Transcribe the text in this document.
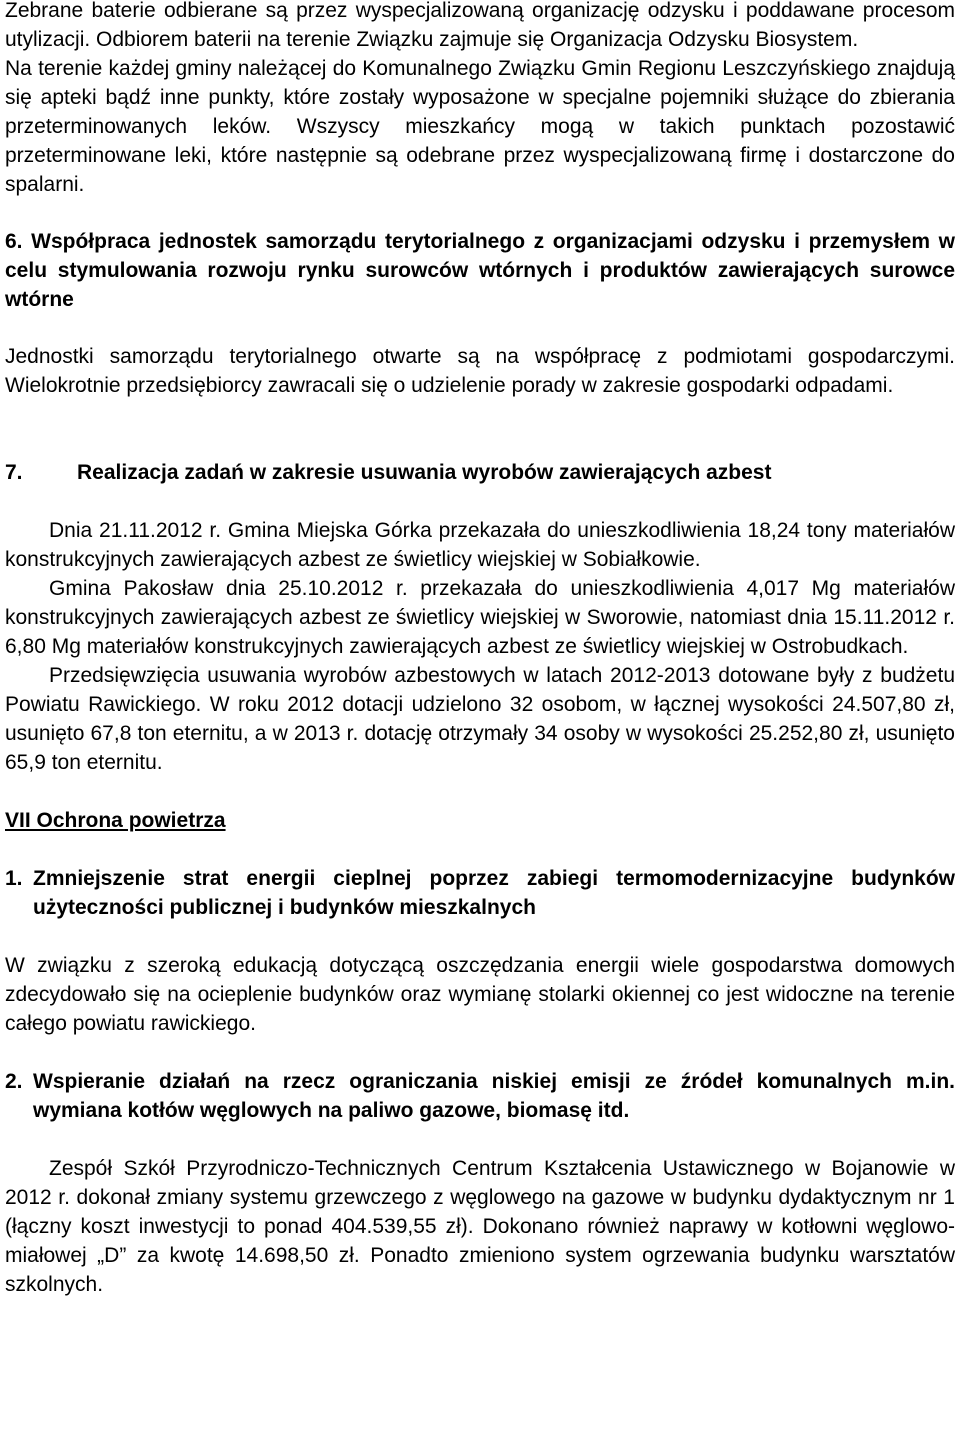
Zebrane baterie odbierane są przez wyspecjalizowaną organizację odzysku i poddawane procesom utylizacji. Odbiorem baterii na terenie Związku zajmuje się Organizacja Odzysku Biosystem.

Na terenie każdej gminy należącej do Komunalnego Związku Gmin Regionu Leszczyńskiego znajdują się apteki bądź inne punkty, które zostały wyposażone w specjalne pojemniki służące do zbierania przeterminowanych leków. Wszyscy mieszkańcy mogą w takich punktach pozostawić przeterminowane leki, które następnie są odebrane przez wyspecjalizowaną firmę i dostarczone do spalarni.

6. Współpraca jednostek samorządu terytorialnego z organizacjami odzysku i przemysłem w celu stymulowania rozwoju rynku surowców wtórnych i produktów zawierających surowce wtórne

Jednostki samorządu terytorialnego otwarte są na współpracę z podmiotami gospodarczymi. Wielokrotnie przedsiębiorcy zawracali się o udzielenie porady w zakresie gospodarki odpadami.

7.	Realizacja zadań w zakresie usuwania wyrobów zawierających azbest

Dnia 21.11.2012 r. Gmina Miejska Górka przekazała do unieszkodliwienia 18,24 tony materiałów konstrukcyjnych zawierających azbest ze świetlicy wiejskiej w Sobiałkowie.

Gmina Pakosław dnia 25.10.2012 r. przekazała do unieszkodliwienia 4,017 Mg materiałów konstrukcyjnych zawierających azbest ze świetlicy wiejskiej w Sworowie, natomiast dnia 15.11.2012 r. 6,80 Mg materiałów konstrukcyjnych zawierających azbest ze świetlicy wiejskiej w Ostrobudkach.

Przedsięwzięcia usuwania wyrobów azbestowych w latach 2012-2013 dotowane były z budżetu Powiatu Rawickiego. W roku 2012 dotacji udzielono 32 osobom, w łącznej wysokości 24.507,80 zł, usunięto 67,8 ton eternitu, a w 2013 r. dotację otrzymały 34 osoby w wysokości 25.252,80 zł, usunięto 65,9 ton eternitu.

VII Ochrona powietrza

1. Zmniejszenie strat energii cieplnej poprzez zabiegi termomodernizacyjne budynków użyteczności publicznej i budynków mieszkalnych

W związku z szeroką edukacją dotyczącą oszczędzania energii wiele gospodarstwa domowych zdecydowało się na ocieplenie budynków oraz wymianę stolarki okiennej co jest widoczne na terenie całego powiatu rawickiego.

2. Wspieranie działań na rzecz ograniczania niskiej emisji ze źródeł komunalnych m.in. wymiana kotłów węglowych na paliwo gazowe, biomasę itd.

Zespół Szkół Przyrodniczo-Technicznych Centrum Kształcenia Ustawicznego w Bojanowie w 2012 r. dokonał zmiany systemu grzewczego z węglowego na gazowe w budynku dydaktycznym nr 1 (łączny koszt inwestycji to ponad 404.539,55 zł). Dokonano również naprawy w kotłowni węglowo-miałowej „D” za kwotę 14.698,50 zł. Ponadto zmieniono system ogrzewania budynku warsztatów szkolnych.
